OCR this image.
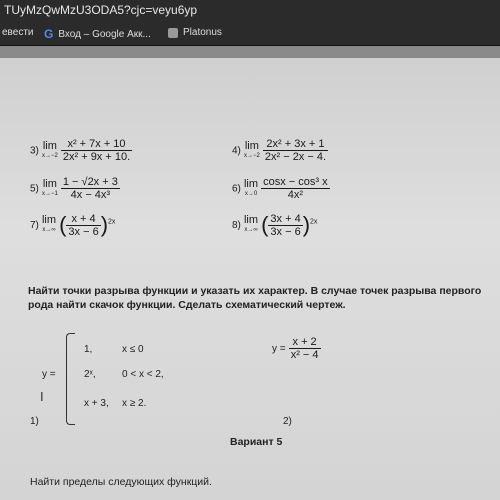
TUyMzQwMzU3ODA5?cjc=veyu6yp
евести G Вход – Google Акк...	Platonus
3) lim
x→−2
$\frac{\text{x² + 7x + 10}}{\text{2x² + 9x + 10.}}$	4) lim
x→−2
$\frac{\text{2x² + 3x + 1}}{\text{2x² − 2x − 4.}}$
5) lim
x→−1
$\frac{1 - √2x + 3}{\text{4x − 4x³}}$	6) lim
x→0
$\frac{\text{cosx − cos³ x}}{\text{4x²}}$
7) lim
x→∞ ( $\frac{x + 4}{3x - 6} )^{2x}$	8) lim
x→∞ ( $\frac{3x + 4}{3x - 6} )^{2x}$
Найти точки разрыва функции и указать их характер. В случае точек разрыва первого рода найти скачок функции. Сделать схематический чертеж.
y =
1,	x ≤ 0
2ˣ,	0 < x < 2,
x + 3, x ≥ 2.
1)
I
$y = \frac{x + 2}{\text{x² − 4}}$
2)
Вариант 5
Найти пределы следующих функций.
